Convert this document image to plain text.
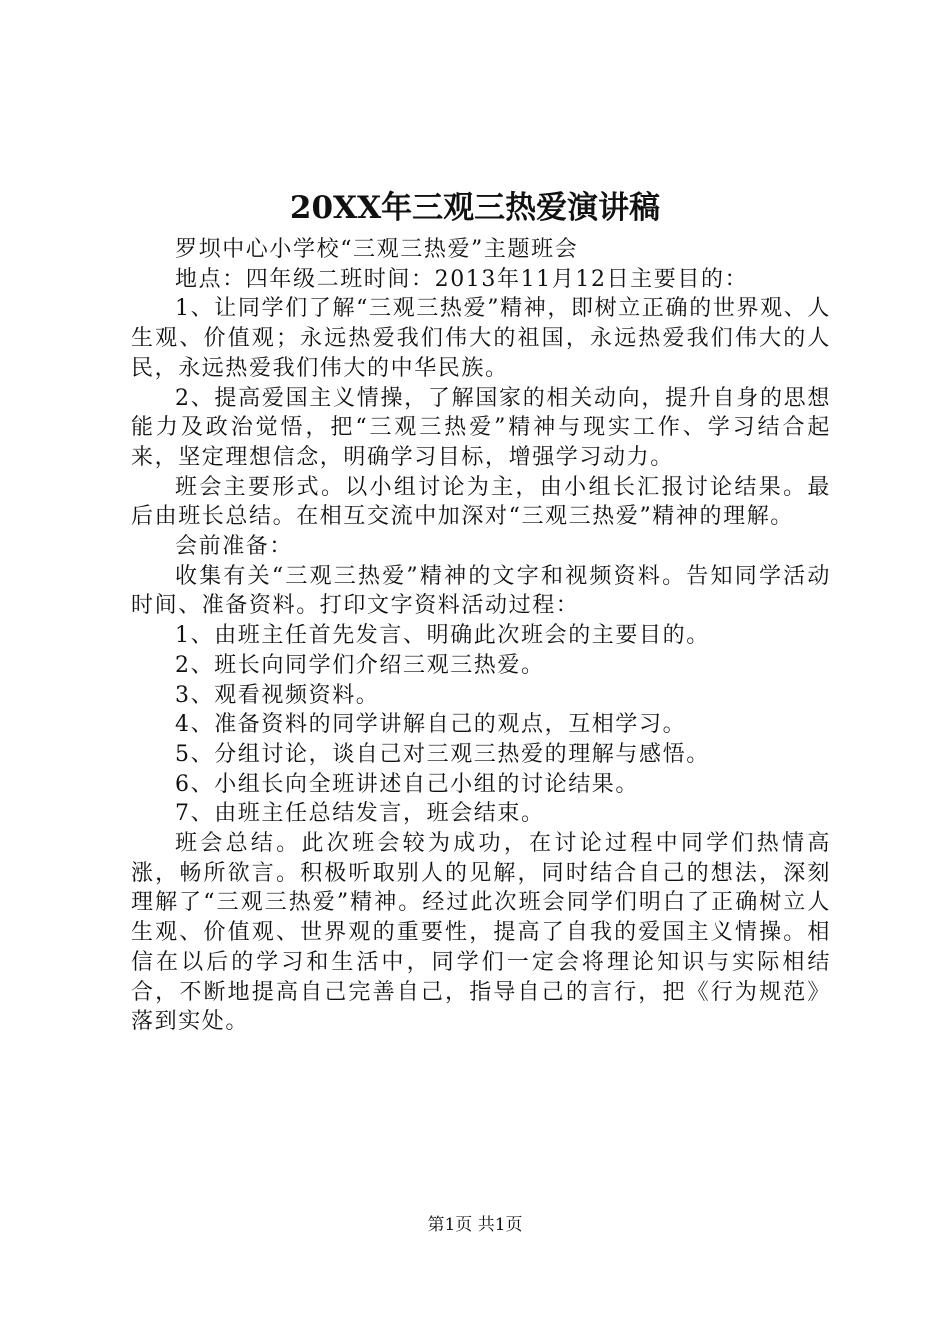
20XX年三观三热爱演讲稿

罗坝中心小学校“三观三热爱”主题班会

地点：四年级二班时间：2013年11月12日主要目的：

1、让同学们了解“三观三热爱”精神，即树立正确的世界观、人生观、价值观；永远热爱我们伟大的祖国，永远热爱我们伟大的人民，永远热爱我们伟大的中华民族。

2、提高爱国主义情操，了解国家的相关动向，提升自身的思想能力及政治觉悟，把“三观三热爱”精神与现实工作、学习结合起来，坚定理想信念，明确学习目标，增强学习动力。

班会主要形式。以小组讨论为主，由小组长汇报讨论结果。最后由班长总结。在相互交流中加深对“三观三热爱”精神的理解。

会前准备：

收集有关“三观三热爱”精神的文字和视频资料。告知同学活动时间、准备资料。打印文字资料活动过程：

1、由班主任首先发言、明确此次班会的主要目的。

2、班长向同学们介绍三观三热爱。

3、观看视频资料。

4、准备资料的同学讲解自己的观点，互相学习。

5、分组讨论，谈自己对三观三热爱的理解与感悟。

6、小组长向全班讲述自己小组的讨论结果。

7、由班主任总结发言，班会结束。

班会总结。此次班会较为成功，在讨论过程中同学们热情高涨，畅所欲言。积极听取别人的见解，同时结合自己的想法，深刻理解了“三观三热爱”精神。经过此次班会同学们明白了正确树立人生观、价值观、世界观的重要性，提高了自我的爱国主义情操。相信在以后的学习和生活中，同学们一定会将理论知识与实际相结合，不断地提高自己完善自己，指导自己的言行，把《行为规范》落到实处。

第1页 共1页
